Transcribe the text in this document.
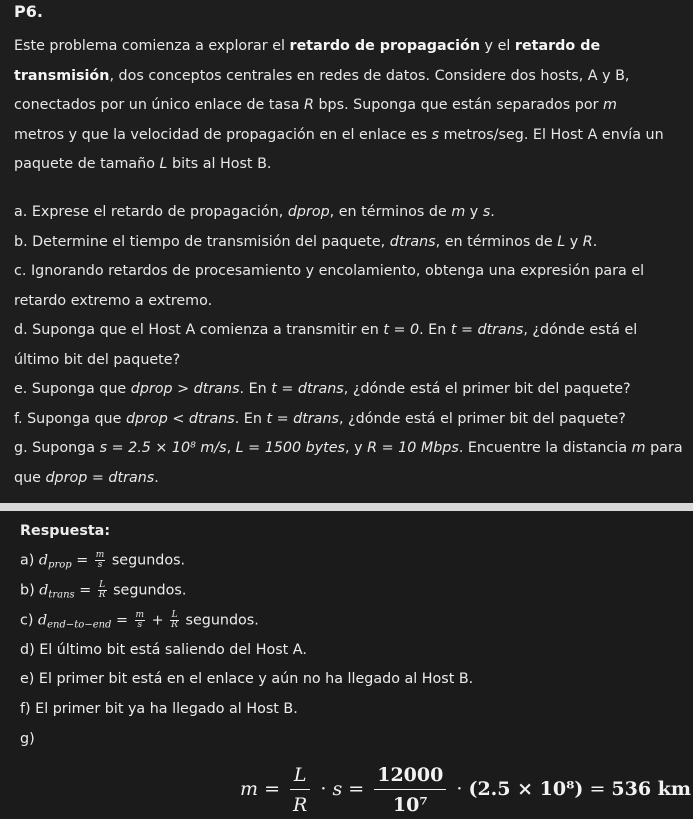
P6.
Este problema comienza a explorar el retardo de propagación y el retardo de
transmisión, dos conceptos centrales en redes de datos. Considere dos hosts, A y B,
conectados por un único enlace de tasa R bps. Suponga que están separados por m
metros y que la velocidad de propagación en el enlace es s metros/seg. El Host A envía un
paquete de tamaño L bits al Host B.
a. Exprese el retardo de propagación, dprop, en términos de m y s.
b. Determine el tiempo de transmisión del paquete, dtrans, en términos de L y R.
c. Ignorando retardos de procesamiento y encolamiento, obtenga una expresión para el
retardo extremo a extremo.
d. Suponga que el Host A comienza a transmitir en t = 0. En t = dtrans, ¿dónde está el
último bit del paquete?
e. Suponga que dprop > dtrans. En t = dtrans, ¿dónde está el primer bit del paquete?
f. Suponga que dprop < dtrans. En t = dtrans, ¿dónde está el primer bit del paquete?
g. Suponga s = 2.5 × 10⁸ m/s, L = 1500 bytes, y R = 10 Mbps. Encuentre la distancia m para
que dprop = dtrans.
Respuesta:
a) $d_{prop} = \frac{m}{s}$ segundos.
b) $d_{trans} = \frac{L}{R}$ segundos.
c) $d_{end-to-end} = \frac{m}{s} + \frac{L}{R}$ segundos.
d) El último bit está saliendo del Host A.
e) El primer bit está en el enlace y aún no ha llegado al Host B.
f) El primer bit ya ha llegado al Host B.
g)
$m = \frac{L}{R} \cdot s = \frac{12000}{\text{10⁷}} \cdot (2.5 \times 10^8) = 536$ km
